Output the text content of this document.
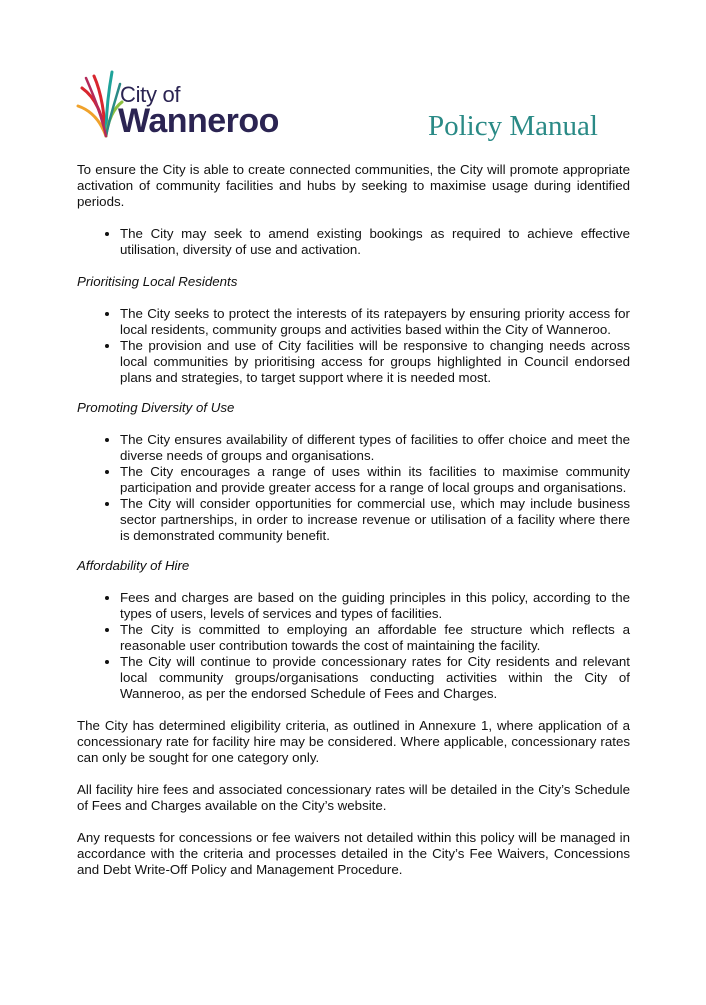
City of
Wanneroo	Policy Manual

To ensure the City is able to create connected communities, the City will promote appropriate activation of community facilities and hubs by seeking to maximise usage during identified periods.

• The City may seek to amend existing bookings as required to achieve effective utilisation, diversity of use and activation.

Prioritising Local Residents

• The City seeks to protect the interests of its ratepayers by ensuring priority access for local residents, community groups and activities based within the City of Wanneroo.
• The provision and use of City facilities will be responsive to changing needs across local communities by prioritising access for groups highlighted in Council endorsed plans and strategies, to target support where it is needed most.

Promoting Diversity of Use

• The City ensures availability of different types of facilities to offer choice and meet the diverse needs of groups and organisations.
• The City encourages a range of uses within its facilities to maximise community participation and provide greater access for a range of local groups and organisations.
• The City will consider opportunities for commercial use, which may include business sector partnerships, in order to increase revenue or utilisation of a facility where there is demonstrated community benefit.

Affordability of Hire

• Fees and charges are based on the guiding principles in this policy, according to the types of users, levels of services and types of facilities.
• The City is committed to employing an affordable fee structure which reflects a reasonable user contribution towards the cost of maintaining the facility.
• The City will continue to provide concessionary rates for City residents and relevant local community groups/organisations conducting activities within the City of Wanneroo, as per the endorsed Schedule of Fees and Charges.

The City has determined eligibility criteria, as outlined in Annexure 1, where application of a concessionary rate for facility hire may be considered. Where applicable, concessionary rates can only be sought for one category only.

All facility hire fees and associated concessionary rates will be detailed in the City’s Schedule of Fees and Charges available on the City’s website.

Any requests for concessions or fee waivers not detailed within this policy will be managed in accordance with the criteria and processes detailed in the City’s Fee Waivers, Concessions and Debt Write-Off Policy and Management Procedure.
